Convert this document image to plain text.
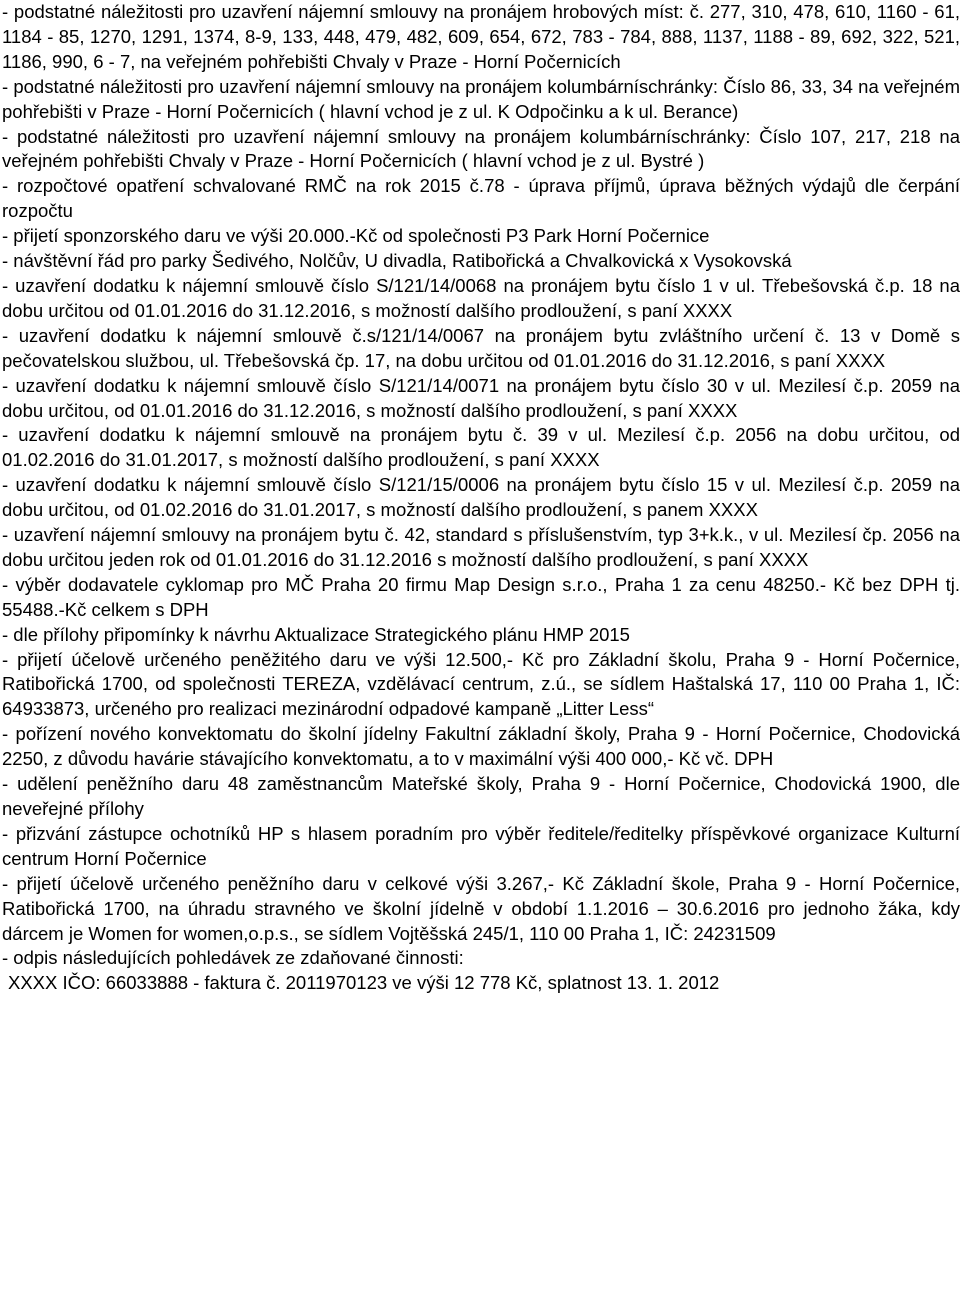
- podstatné náležitosti pro uzavření nájemní smlouvy na pronájem hrobových míst: č. 277, 310, 478, 610, 1160 - 61, 1184 - 85, 1270, 1291, 1374, 8-9, 133, 448, 479, 482, 609, 654, 672, 783 - 784, 888, 1137, 1188 - 89, 692, 322, 521, 1186, 990, 6 - 7, na veřejném pohřebišti Chvaly v Praze - Horní Počernicích

- podstatné náležitosti pro uzavření nájemní smlouvy na pronájem kolumbárníschránky: Číslo 86, 33, 34 na veřejném pohřebišti v Praze - Horní Počernicích ( hlavní vchod je z ul. K Odpočinku a k ul. Berance)

- podstatné náležitosti pro uzavření nájemní smlouvy na pronájem kolumbárníschránky: Číslo 107, 217, 218 na veřejném pohřebišti Chvaly v Praze - Horní Počernicích ( hlavní vchod je z ul. Bystré )

- rozpočtové opatření schvalované RMČ na rok 2015 č.78 - úprava příjmů, úprava běžných výdajů dle čerpání rozpočtu

- přijetí sponzorského daru ve výši 20.000.-Kč od společnosti P3 Park Horní Počernice

- návštěvní řád pro parky Šedivého, Nolčův, U divadla, Ratibořická a Chvalkovická x Vysokovská

- uzavření dodatku k nájemní smlouvě číslo S/121/14/0068 na pronájem bytu číslo 1 v ul. Třebešovská č.p. 18 na dobu určitou od 01.01.2016 do 31.12.2016, s možností dalšího prodloužení, s paní XXXX

- uzavření dodatku k nájemní smlouvě č.s/121/14/0067 na pronájem bytu zvláštního určení č. 13 v Domě s pečovatelskou službou, ul. Třebešovská čp. 17, na dobu určitou od 01.01.2016 do 31.12.2016, s paní XXXX

- uzavření dodatku k nájemní smlouvě číslo S/121/14/0071 na pronájem bytu číslo 30 v ul. Mezilesí č.p. 2059 na dobu určitou, od 01.01.2016 do 31.12.2016, s možností dalšího prodloužení, s paní XXXX

- uzavření dodatku k nájemní smlouvě na pronájem bytu č. 39 v ul. Mezilesí č.p. 2056 na dobu určitou, od 01.02.2016 do 31.01.2017, s možností dalšího prodloužení, s paní XXXX

- uzavření dodatku k nájemní smlouvě číslo S/121/15/0006 na pronájem bytu číslo 15 v ul. Mezilesí č.p. 2059 na dobu určitou, od 01.02.2016 do 31.01.2017, s možností dalšího prodloužení, s panem XXXX

- uzavření nájemní smlouvy na pronájem bytu č. 42, standard s příslušenstvím, typ 3+k.k., v ul. Mezilesí čp. 2056 na dobu určitou jeden rok od 01.01.2016 do 31.12.2016 s možností dalšího prodloužení, s paní XXXX

- výběr dodavatele cyklomap pro MČ Praha 20 firmu Map Design s.r.o., Praha 1 za cenu 48250.- Kč bez DPH tj. 55488.-Kč celkem s DPH

- dle přílohy připomínky k návrhu Aktualizace Strategického plánu HMP 2015

- přijetí účelově určeného peněžitého daru ve výši 12.500,- Kč pro Základní školu, Praha 9 - Horní Počernice, Ratibořická 1700, od společnosti TEREZA, vzdělávací centrum, z.ú., se sídlem Haštalská 17, 110 00 Praha 1, IČ: 64933873, určeného pro realizaci mezinárodní odpadové kampaně „Litter Less“

- pořízení nového konvektomatu do školní jídelny Fakultní základní školy, Praha 9 - Horní Počernice, Chodovická 2250, z důvodu havárie stávajícího konvektomatu, a to v maximální výši 400 000,- Kč vč. DPH

- udělení peněžního daru 48 zaměstnancům Mateřské školy, Praha 9 - Horní Počernice, Chodovická 1900, dle neveřejné přílohy

- přizvání zástupce ochotníků HP s hlasem poradním pro výběr ředitele/ředitelky příspěvkové organizace Kulturní centrum Horní Počernice

- přijetí účelově určeného peněžního daru v celkové výši 3.267,- Kč Základní škole, Praha 9 - Horní Počernice, Ratibořická 1700, na úhradu stravného ve školní jídelně v období 1.1.2016 – 30.6.2016 pro jednoho žáka, kdy dárcem je Women for women,o.p.s., se sídlem Vojtěšská 245/1, 110 00 Praha 1, IČ: 24231509

- odpis následujících pohledávek ze zdaňované činnosti:

XXXX IČO: 66033888 - faktura č. 2011970123 ve výši 12 778 Kč, splatnost 13. 1. 2012
